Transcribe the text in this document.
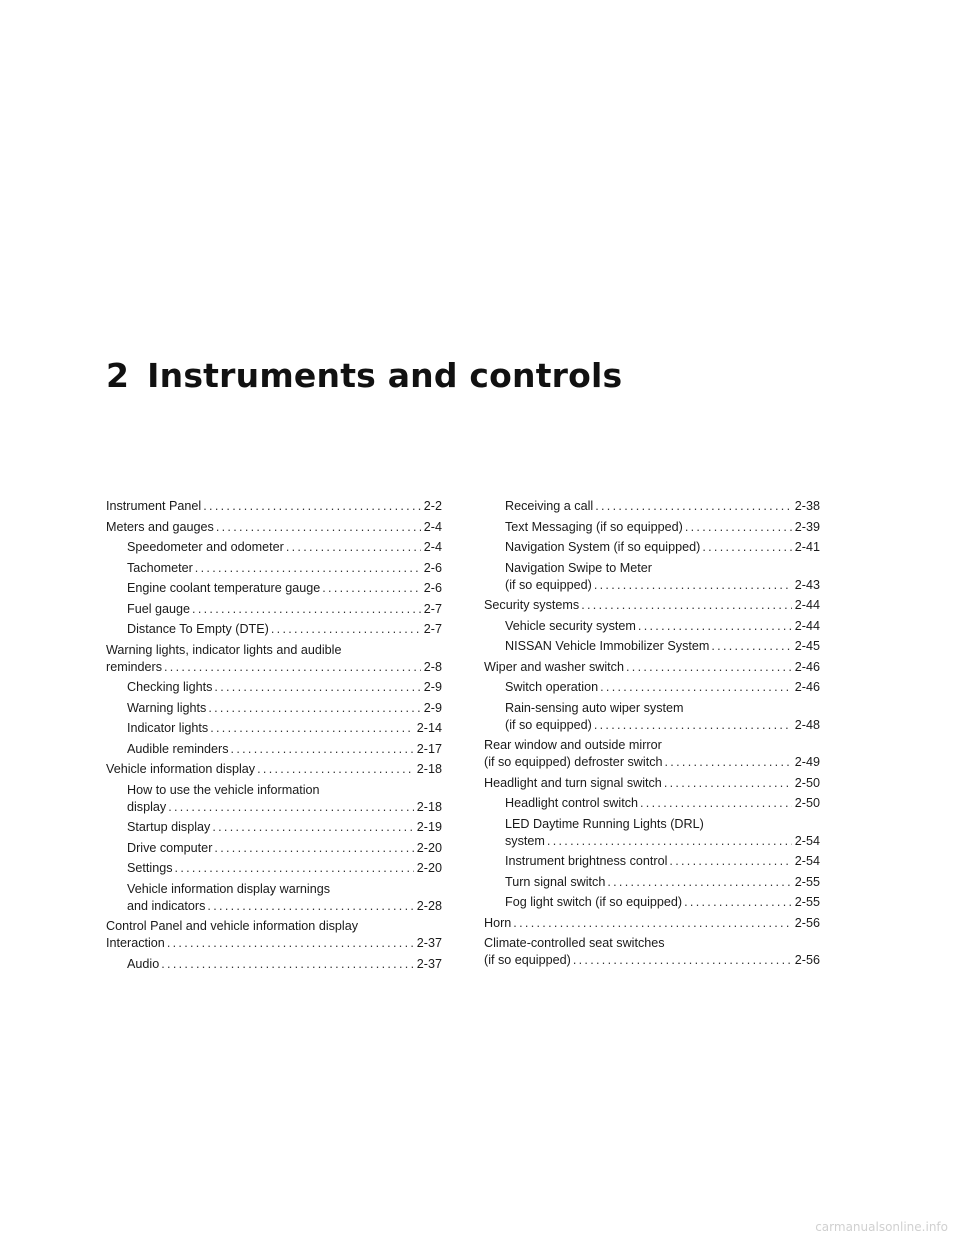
2 Instruments and controls
Instrument Panel .....	2-2
Meters and gauges .....	2-4
Speedometer and odometer .....	2-4
Tachometer .....	2-6
Engine coolant temperature gauge .....	2-6
Fuel gauge .....	2-7
Distance To Empty (DTE) .....	2-7
Warning lights, indicator lights and audible
reminders .....	2-8
Checking lights .....	2-9
Warning lights .....	2-9
Indicator lights .....	2-14
Audible reminders .....	2-17
Vehicle information display .....	2-18
How to use the vehicle information
display .....	2-18
Startup display .....	2-19
Drive computer .....	2-20
Settings .....	2-20
Vehicle information display warnings
and indicators .....	2-28
Control Panel and vehicle information display
Interaction .....	2-37
Audio .....	2-37
Receiving a call .....	2-38
Text Messaging (if so equipped) .....	2-39
Navigation System (if so equipped) .....	2-41
Navigation Swipe to Meter
(if so equipped) .....	2-43
Security systems .....	2-44
Vehicle security system .....	2-44
NISSAN Vehicle Immobilizer System .....	2-45
Wiper and washer switch .....	2-46
Switch operation .....	2-46
Rain-sensing auto wiper system
(if so equipped) .....	2-48
Rear window and outside mirror
(if so equipped) defroster switch .....	2-49
Headlight and turn signal switch .....	2-50
Headlight control switch .....	2-50
LED Daytime Running Lights (DRL)
system .....	2-54
Instrument brightness control .....	2-54
Turn signal switch .....	2-55
Fog light switch (if so equipped) .....	2-55
Horn .....	2-56
Climate-controlled seat switches
(if so equipped) .....	2-56
carmanualsonline.info
